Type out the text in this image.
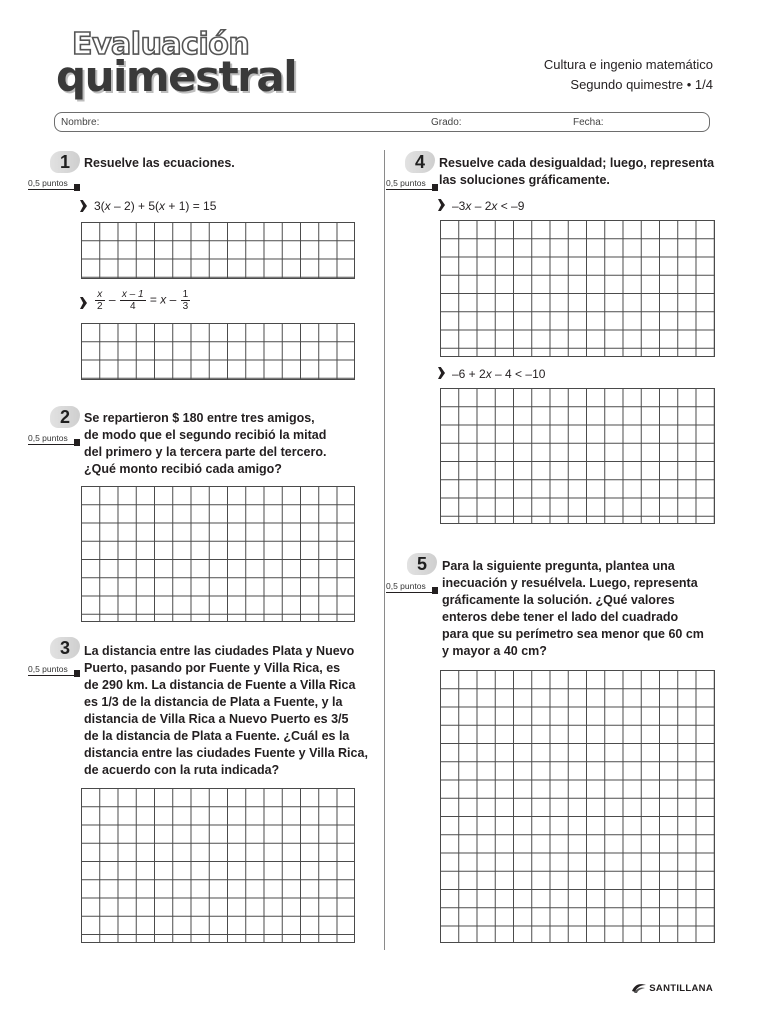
Evaluación
quimestral	Cultura e ingenio matemático
Segundo quimestre • 1/4
Nombre:	Grado:	Fecha:
1
0,5 puntos
Resuelve las ecuaciones.
3(x – 2) + 5(x + 1) = 15
$\frac{x}{2} - \frac{x - 1}{4} = x - \frac{1}{3}$
2
0,5 puntos
Se repartieron $ 180 entre tres amigos,
de modo que el segundo recibió la mitad
del primero y la tercera parte del tercero.
¿Qué monto recibió cada amigo?
3
0,5 puntos
La distancia entre las ciudades Plata y Nuevo
Puerto, pasando por Fuente y Villa Rica, es
de 290 km. La distancia de Fuente a Villa Rica
es 1/3 de la distancia de Plata a Fuente, y la
distancia de Villa Rica a Nuevo Puerto es 3/5
de la distancia de Plata a Fuente. ¿Cuál es la
distancia entre las ciudades Fuente y Villa Rica,
de acuerdo con la ruta indicada?
4
0,5 puntos
Resuelve cada desigualdad; luego, representa
las soluciones gráficamente.
–3x – 2x < –9
–6 + 2x – 4 < –10
5
0,5 puntos
Para la siguiente pregunta, plantea una
inecuación y resuélvela. Luego, representa
gráficamente la solución. ¿Qué valores
enteros debe tener el lado del cuadrado
para que su perímetro sea menor que 60 cm
y mayor a 40 cm?
SANTILLANA
